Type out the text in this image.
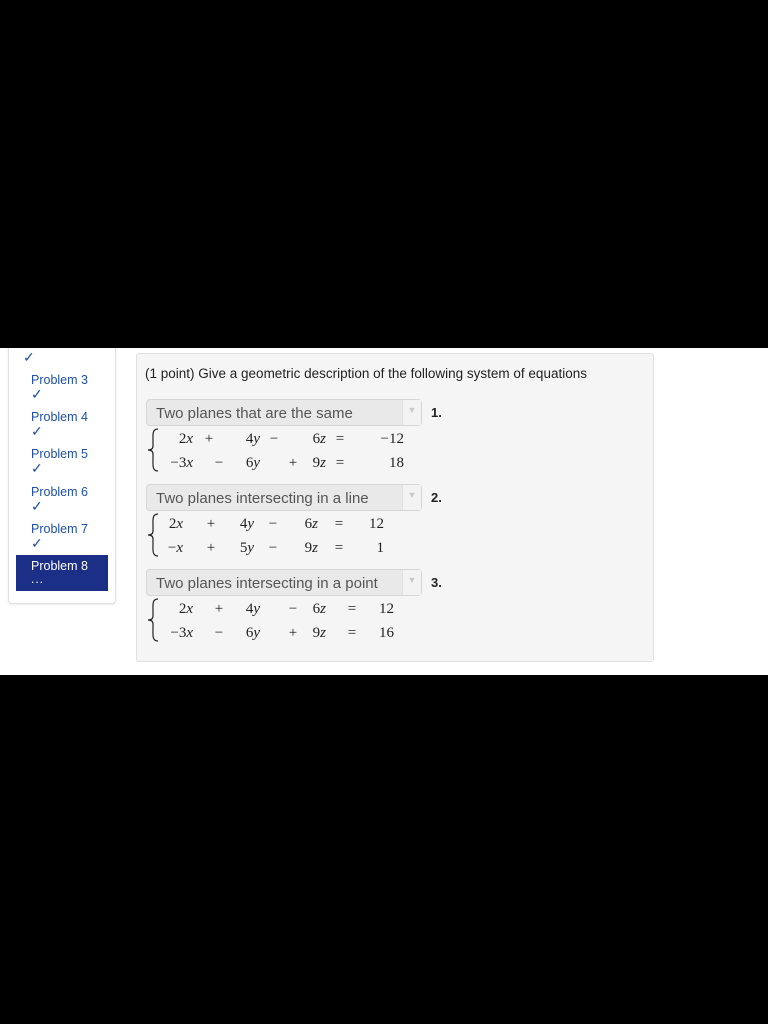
✓
Problem 3
✓
Problem 4
✓
Problem 5
✓
Problem 6
✓
Problem 7
✓
Problem 8
...
(1 point) Give a geometric description of the following system of equations
Two planes that are the same	▼	1.
2x +	4y −	6z =	−12
−3x −	6y +	9z =	18
Two planes intersecting in a line	▼	2.
2x +	4y −	6z =	12
−x +	5y −	9z =	1
Two planes intersecting in a point	▼	3.
2x +	4y −	6z =	12
−3x −	6y +	9z =	16
